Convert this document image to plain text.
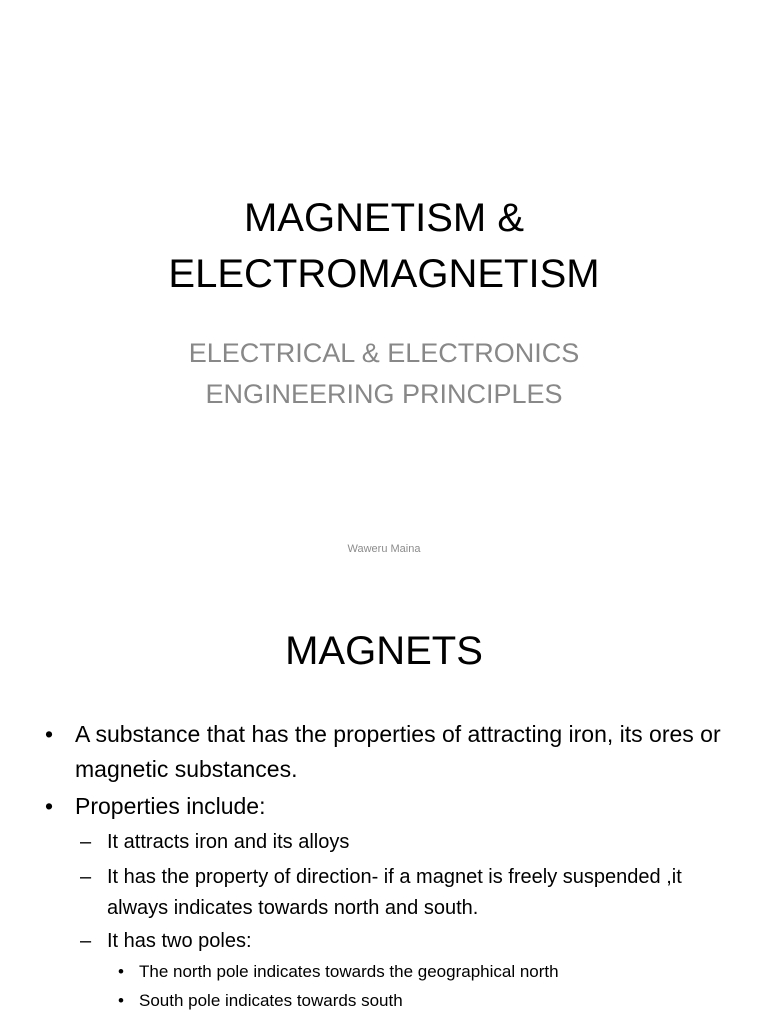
MAGNETISM &
ELECTROMAGNETISM
ELECTRICAL & ELECTRONICS
ENGINEERING PRINCIPLES
Waweru Maina
MAGNETS
• A substance that has the properties of attracting iron, its ores or magnetic substances.
• Properties include:
– It attracts iron and its alloys
– It has the property of direction- if a magnet is freely suspended ,it always indicates towards north and south.
– It has two poles:
• The north pole indicates towards the geographical north
• South pole indicates towards south
